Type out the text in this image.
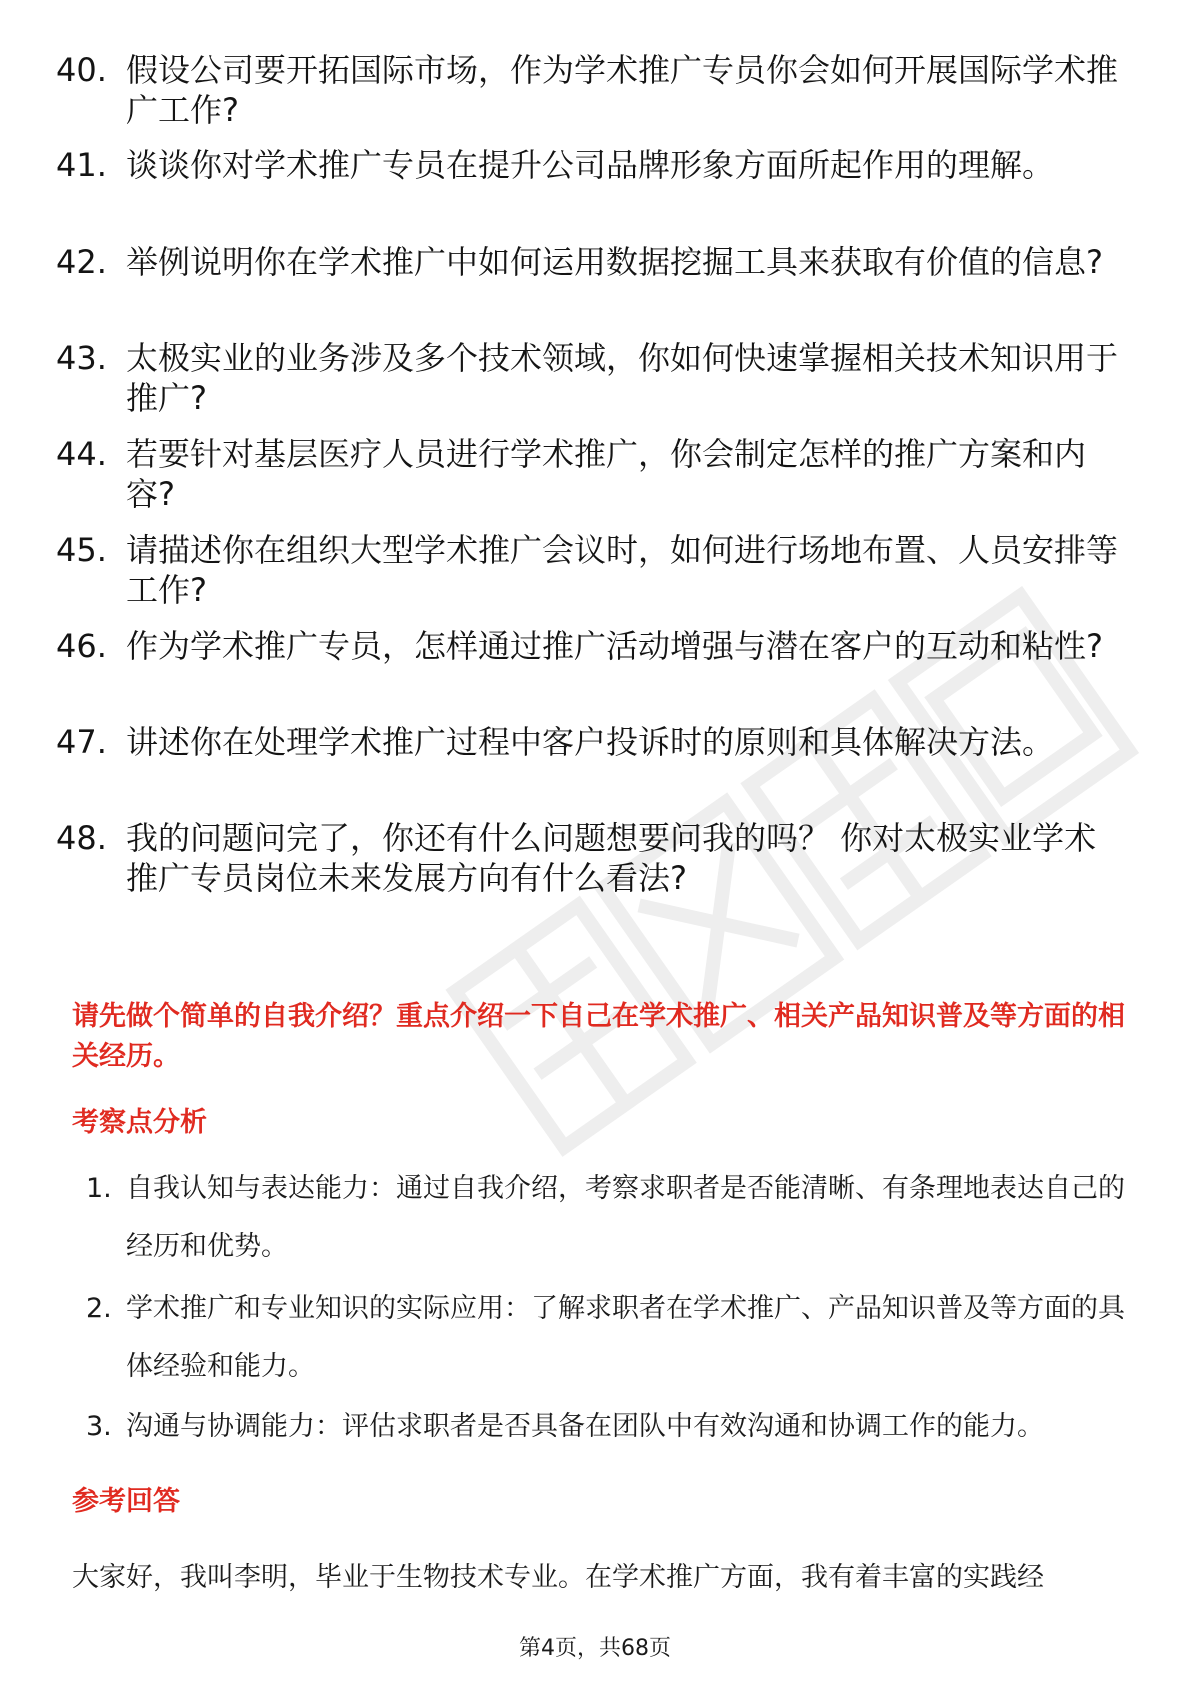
40. 假设公司要开拓国际市场，作为学术推广专员你会如何开展国际学术推广工作?
41. 谈谈你对学术推广专员在提升公司品牌形象方面所起作用的理解。
42. 举例说明你在学术推广中如何运用数据挖掘工具来获取有价值的信息?
43. 太极实业的业务涉及多个技术领域，你如何快速掌握相关技术知识用于推广?
44. 若要针对基层医疗人员进行学术推广，你会制定怎样的推广方案和内容?
45. 请描述你在组织大型学术推广会议时，如何进行场地布置、人员安排等工作?
46. 作为学术推广专员，怎样通过推广活动增强与潜在客户的互动和粘性?
47. 讲述你在处理学术推广过程中客户投诉时的原则和具体解决方法。
48. 我的问题问完了，你还有什么问题想要问我的吗？ 你对太极实业学术推广专员岗位未来发展方向有什么看法?
请先做个简单的自我介绍？重点介绍一下自己在学术推广、相关产品知识普及等方面的相关经历。
考察点分析
1. 自我认知与表达能力：通过自我介绍，考察求职者是否能清晰、有条理地表达自己的经历和优势。
2. 学术推广和专业知识的实际应用：了解求职者在学术推广、产品知识普及等方面的具体经验和能力。
3. 沟通与协调能力：评估求职者是否具备在团队中有效沟通和协调工作的能力。
参考回答
大家好，我叫李明，毕业于生物技术专业。在学术推广方面，我有着丰富的实践经
第4页，共68页
